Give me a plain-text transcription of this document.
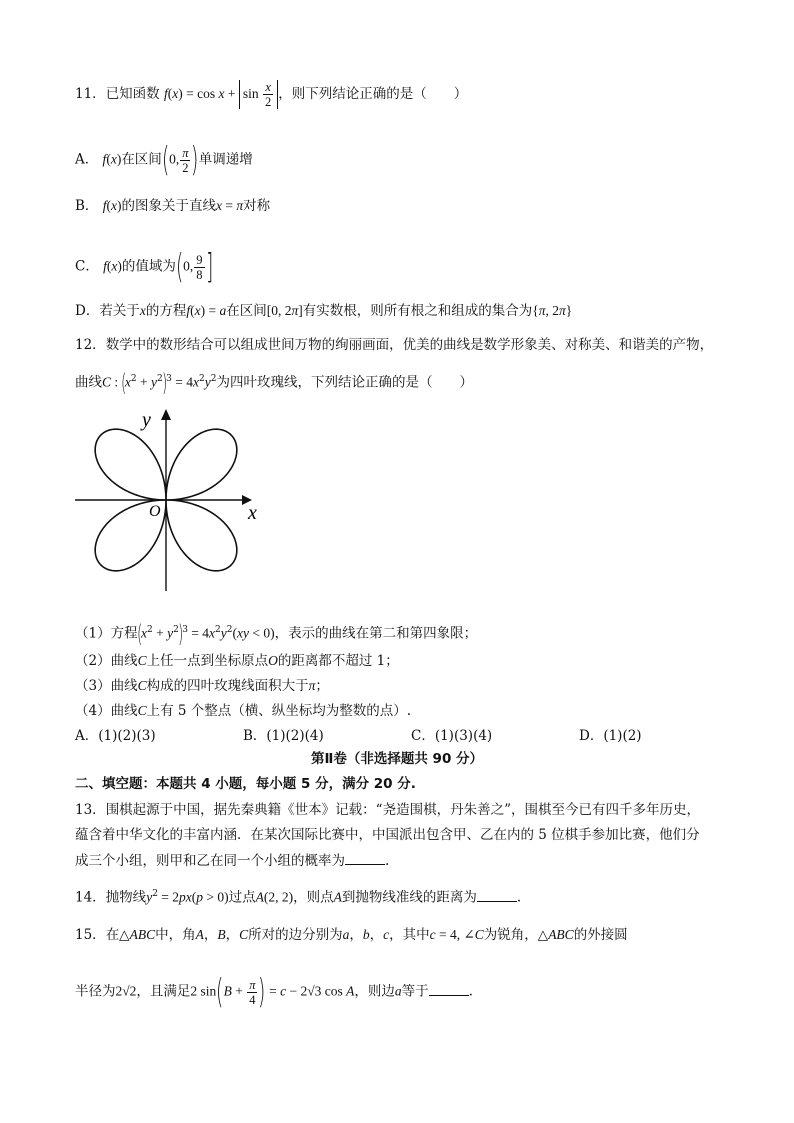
11．已知函数 $f(x) = \cos x + \sin \frac{x}{2}$ ，则下列结论正确的是（　　）
A． f(x)在区间(0, $\frac{\pi}{2}$ )单调递增
B． f(x)的图象关于直线x = π对称
C． f(x)的值域为(0, $\frac{9}{8}$ ]
D．若关于x的方程f(x) = a在区间[0, 2π]有实数根，则所有根之和组成的集合为{π, 2π}
12．数学中的数形结合可以组成世间万物的绚丽画面，优美的曲线是数学形象美、对称美、和谐美的产物，
曲线C : $(x^2 + y^2)^3 = 4x^2y^2$为四叶玫瑰线，下列结论正确的是（　　）
y
x
O
（1）方程$(x^2 + y^2)^3 = 4x^2y^2(xy < 0)$，表示的曲线在第二和第四象限；
（2）曲线C上任一点到坐标原点O的距离都不超过 1；
（3）曲线C构成的四叶玫瑰线面积大于π；
（4）曲线C上有 5 个整点（横、纵坐标均为整数的点）.
A．(1)(2)(3)	B．(1)(2)(4)	C．(1)(3)(4)	D．(1)(2)
第Ⅱ卷（非选择题共 90 分）
二、填空题：本题共 4 小题，每小题 5 分，满分 20 分.
13．围棋起源于中国，据先秦典籍《世本》记载：“尧造围棋，丹朱善之”，围棋至今已有四千多年历史，
蕴含着中华文化的丰富内涵．在某次国际比赛中，中国派出包含甲、乙在内的 5 位棋手参加比赛，他们分
成三个小组，则甲和乙在同一个小组的概率为	.
14．抛物线$y^2 = 2px(p > 0)$过点A(2, 2)，则点A到抛物线准线的距离为	.
15．在△ABC中，角A，B，C所对的边分别为a，b，c，其中c = 4, ∠C为锐角，△ABC的外接圆
半径为2√2，且满足2 $\sin(B + \frac{\pi}{4}$ ) = c − 2√3 cos A，则边a等于	.
